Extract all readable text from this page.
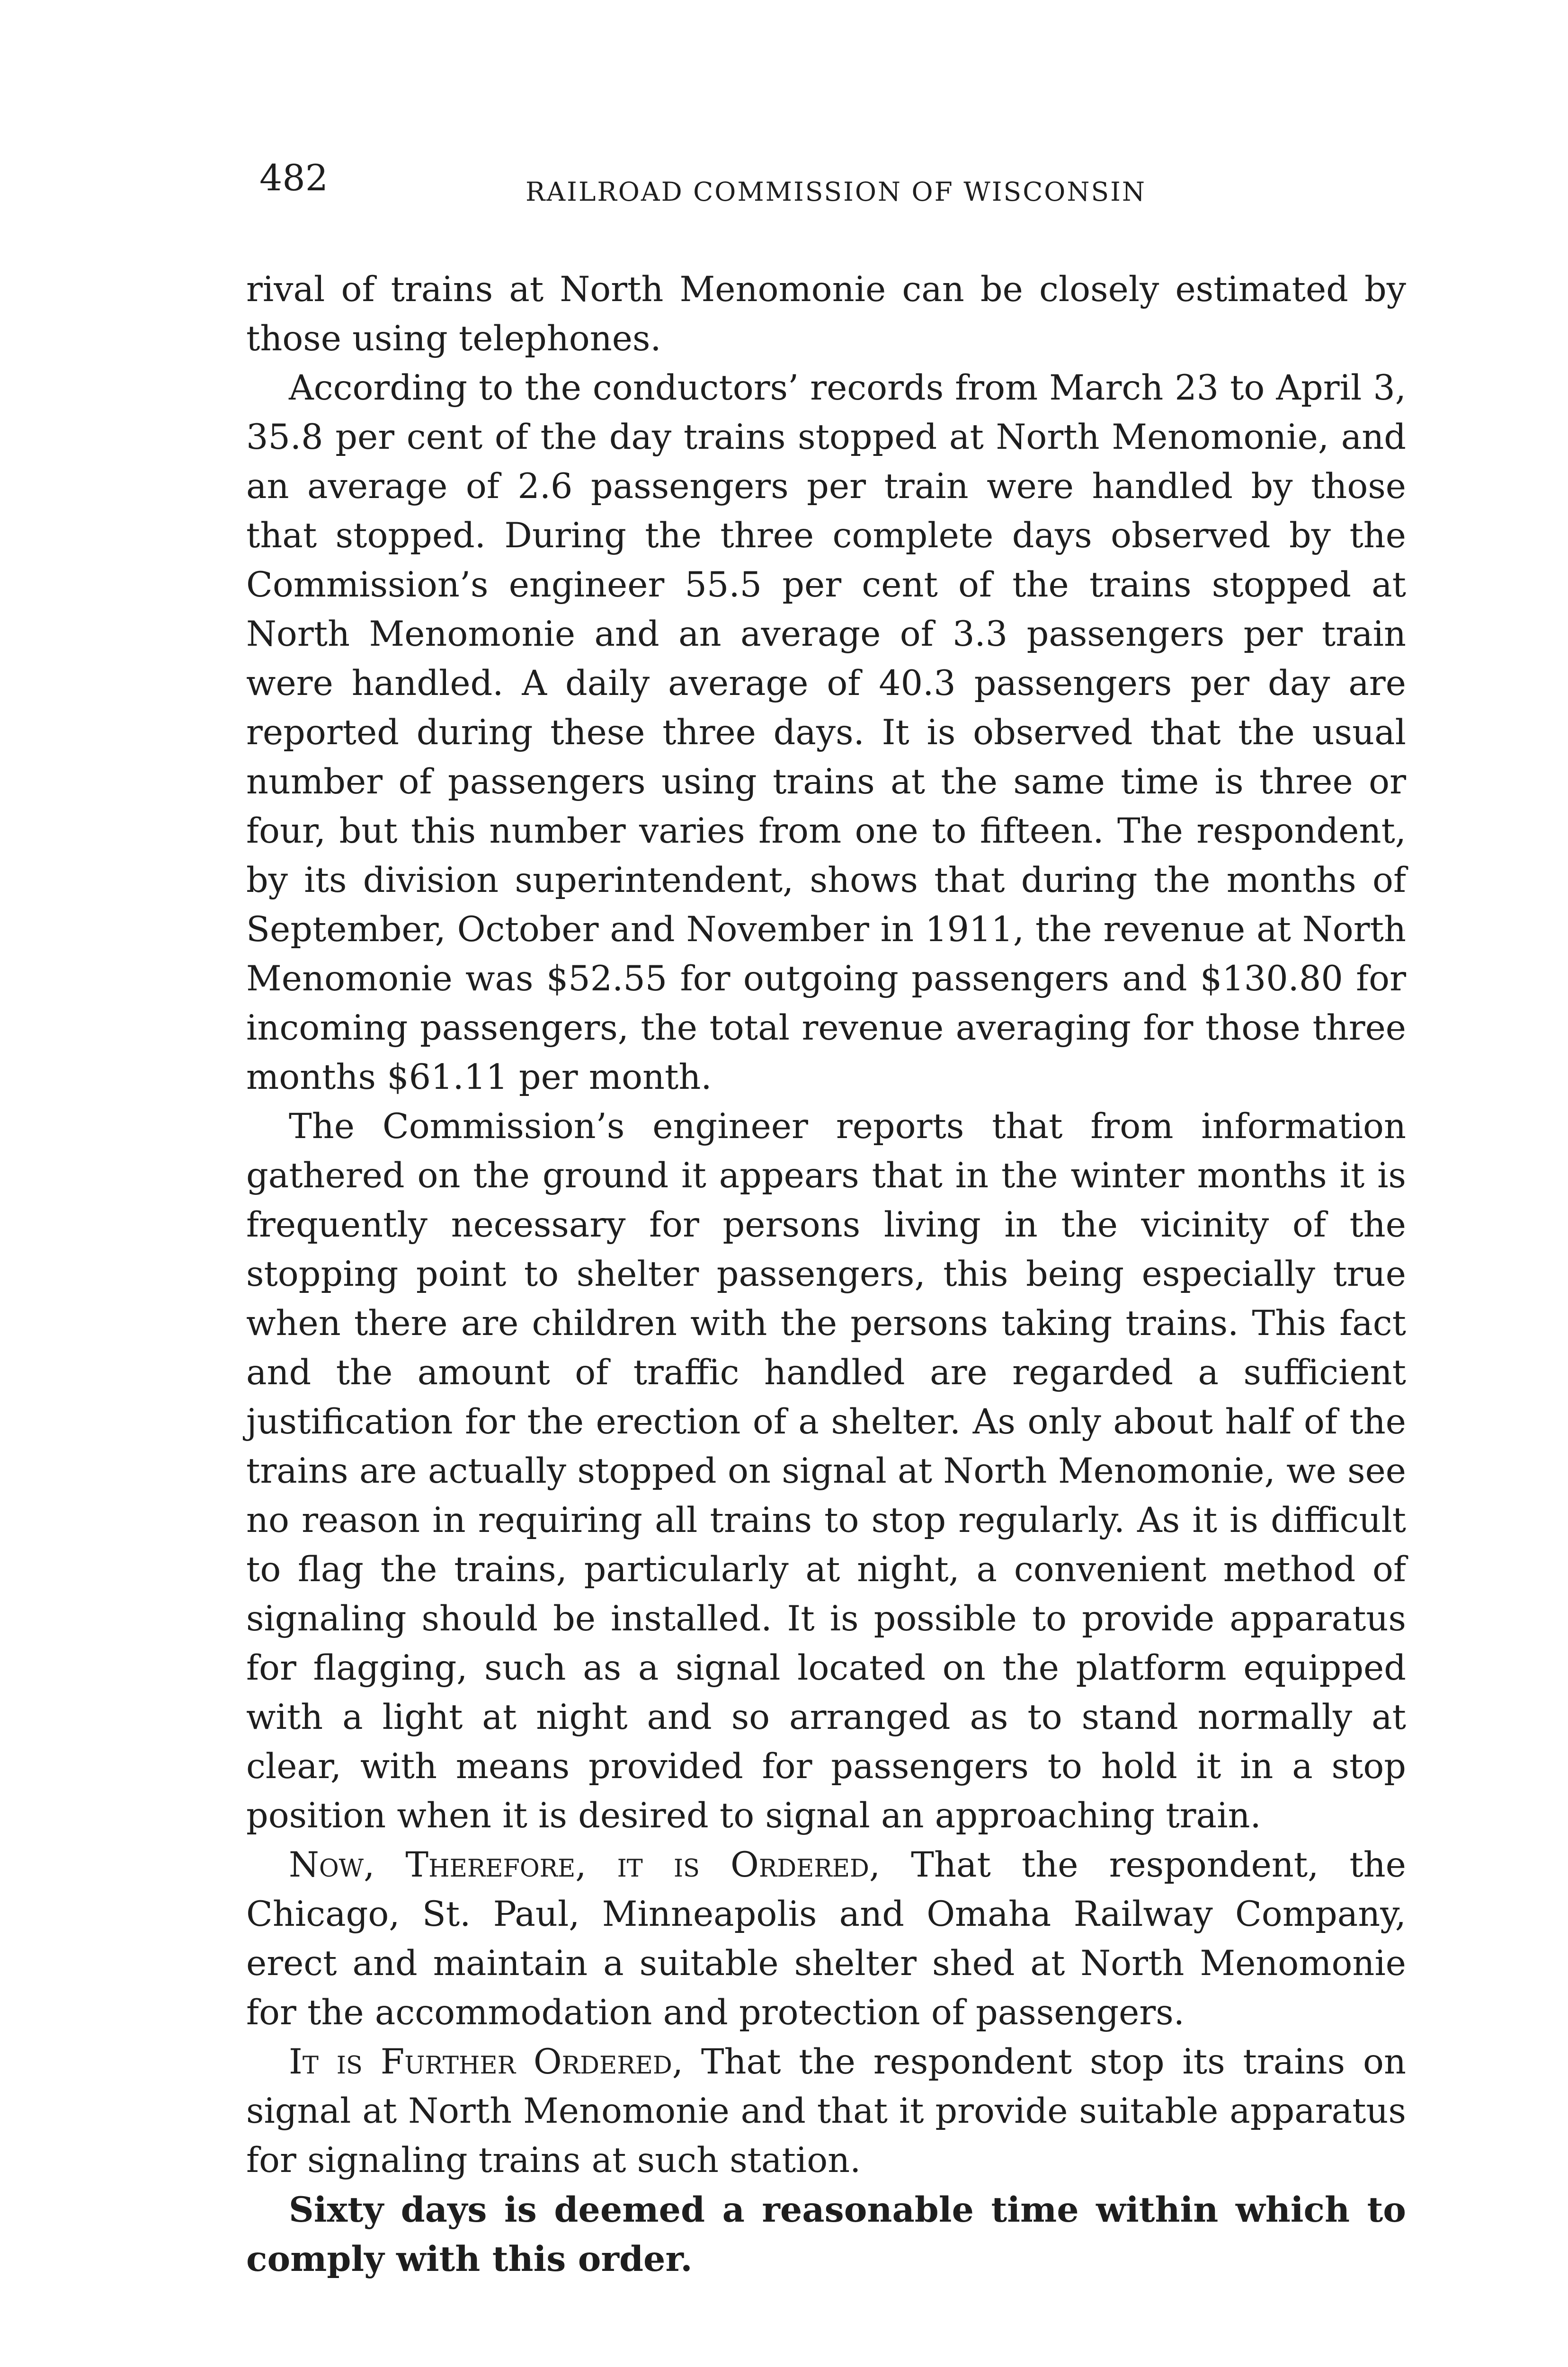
482	RAILROAD COMMISSION OF WISCONSIN

rival of trains at North Menomonie can be closely estimated by those using telephones.

According to the conductors’ records from March 23 to April 3, 35.8 per cent of the day trains stopped at North Menomonie, and an average of 2.6 passengers per train were handled by those that stopped. During the three complete days observed by the Commission’s engineer 55.5 per cent of the trains stopped at North Menomonie and an average of 3.3 passengers per train were handled. A daily average of 40.3 passengers per day are reported during these three days. It is observed that the usual number of passengers using trains at the same time is three or four, but this number varies from one to fifteen. The respondent, by its division superintendent, shows that during the months of September, October and November in 1911, the revenue at North Menomonie was $52.55 for outgoing passengers and $130.80 for incoming passengers, the total revenue averaging for those three months $61.11 per month.

The Commission’s engineer reports that from information gathered on the ground it appears that in the winter months it is frequently necessary for persons living in the vicinity of the stopping point to shelter passengers, this being especially true when there are children with the persons taking trains. This fact and the amount of traffic handled are regarded a sufficient justification for the erection of a shelter. As only about half of the trains are actually stopped on signal at North Menomonie, we see no reason in requiring all trains to stop regularly. As it is difficult to flag the trains, particularly at night, a convenient method of signaling should be installed. It is possible to provide apparatus for flagging, such as a signal located on the platform equipped with a light at night and so arranged as to stand normally at clear, with means provided for passengers to hold it in a stop position when it is desired to signal an approaching train.

Now, Therefore, it is Ordered, That the respondent, the Chicago, St. Paul, Minneapolis and Omaha Railway Company, erect and maintain a suitable shelter shed at North Menomonie for the accommodation and protection of passengers.

It is Further Ordered, That the respondent stop its trains on signal at North Menomonie and that it provide suitable apparatus for signaling trains at such station.

Sixty days is deemed a reasonable time within which to comply with this order.
